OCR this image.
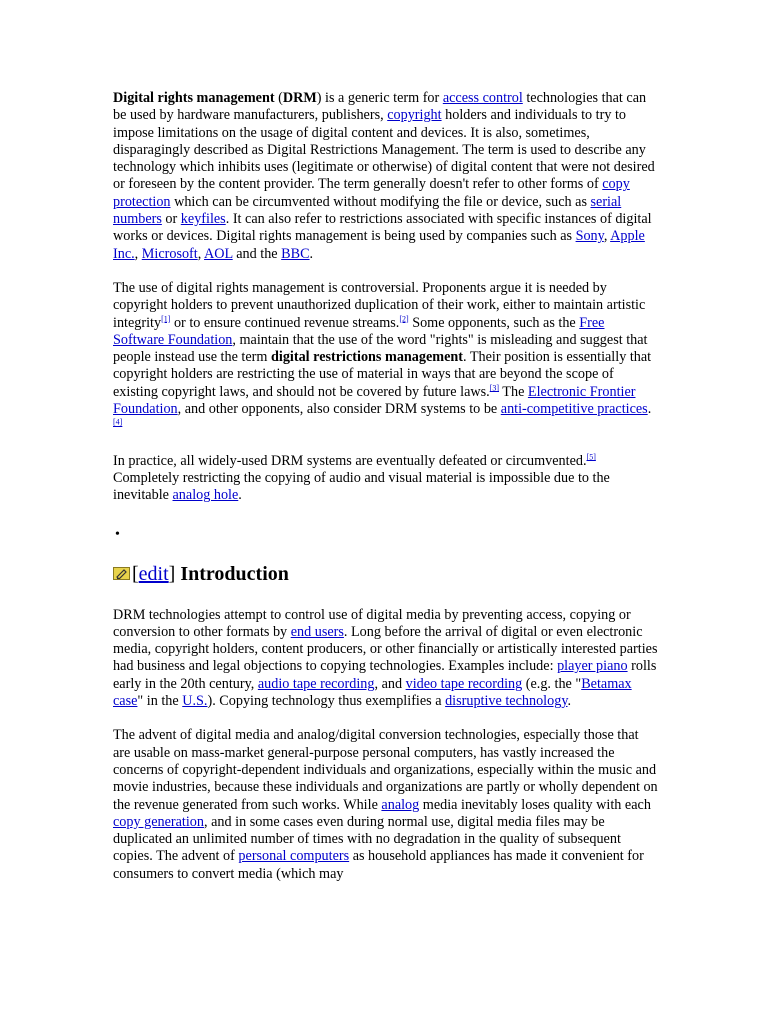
Digital rights management (DRM) is a generic term for access control technologies that can be used by hardware manufacturers, publishers, copyright holders and individuals to try to impose limitations on the usage of digital content and devices. It is also, sometimes, disparagingly described as Digital Restrictions Management. The term is used to describe any technology which inhibits uses (legitimate or otherwise) of digital content that were not desired or foreseen by the content provider. The term generally doesn't refer to other forms of copy protection which can be circumvented without modifying the file or device, such as serial numbers or keyfiles. It can also refer to restrictions associated with specific instances of digital works or devices. Digital rights management is being used by companies such as Sony, Apple Inc., Microsoft, AOL and the BBC.

The use of digital rights management is controversial. Proponents argue it is needed by copyright holders to prevent unauthorized duplication of their work, either to maintain artistic integrity[1] or to ensure continued revenue streams.[2] Some opponents, such as the Free Software Foundation, maintain that the use of the word "rights" is misleading and suggest that people instead use the term digital restrictions management. Their position is essentially that copyright holders are restricting the use of material in ways that are beyond the scope of existing copyright laws, and should not be covered by future laws.[3] The Electronic Frontier Foundation, and other opponents, also consider DRM systems to be anti-competitive practices.[4]

In practice, all widely-used DRM systems are eventually defeated or circumvented.[5] Completely restricting the copying of audio and visual material is impossible due to the inevitable analog hole.

•
[ edit ] Introduction

DRM technologies attempt to control use of digital media by preventing access, copying or conversion to other formats by end users. Long before the arrival of digital or even electronic media, copyright holders, content producers, or other financially or artistically interested parties had business and legal objections to copying technologies. Examples include: player piano rolls early in the 20th century, audio tape recording, and video tape recording (e.g. the "Betamax case" in the U.S.). Copying technology thus exemplifies a disruptive technology.

The advent of digital media and analog/digital conversion technologies, especially those that are usable on mass-market general-purpose personal computers, has vastly increased the concerns of copyright-dependent individuals and organizations, especially within the music and movie industries, because these individuals and organizations are partly or wholly dependent on the revenue generated from such works. While analog media inevitably loses quality with each copy generation, and in some cases even during normal use, digital media files may be duplicated an unlimited number of times with no degradation in the quality of subsequent copies. The advent of personal computers as household appliances has made it convenient for consumers to convert media (which may
